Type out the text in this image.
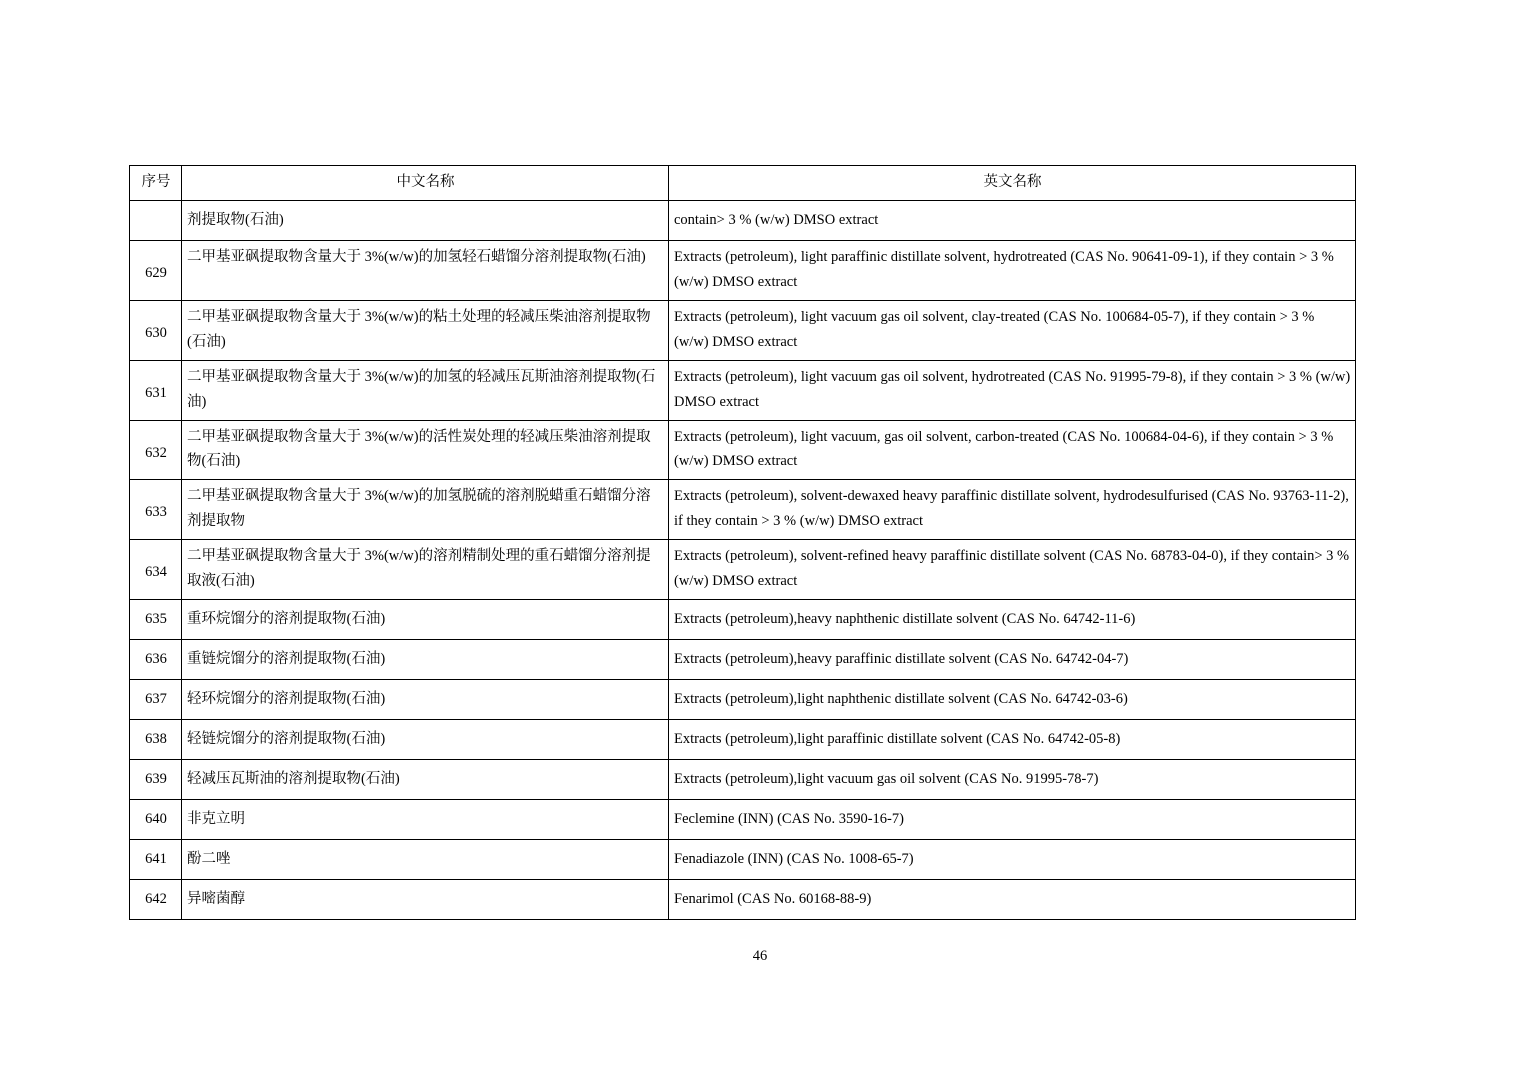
序号	中文名称	英文名称
	剂提取物(石油)	contain> 3 % (w/w) DMSO extract
629	二甲基亚砜提取物含量大于 3%(w/w)的加氢轻石蜡馏分溶剂提取物(石油)	Extracts (petroleum), light paraffinic distillate solvent, hydrotreated (CAS No. 90641-09-1), if they contain > 3 % (w/w) DMSO extract
630	二甲基亚砜提取物含量大于 3%(w/w)的粘土处理的轻减压柴油溶剂提取物(石油)	Extracts (petroleum), light vacuum gas oil solvent, clay-treated (CAS No. 100684-05-7), if they contain > 3 % (w/w) DMSO extract
631	二甲基亚砜提取物含量大于 3%(w/w)的加氢的轻减压瓦斯油溶剂提取物(石油)	Extracts (petroleum), light vacuum gas oil solvent, hydrotreated (CAS No. 91995-79-8), if they contain > 3 % (w/w) DMSO extract
632	二甲基亚砜提取物含量大于 3%(w/w)的活性炭处理的轻减压柴油溶剂提取物(石油)	Extracts (petroleum), light vacuum, gas oil solvent, carbon-treated (CAS No. 100684-04-6), if they contain > 3 % (w/w) DMSO extract
633	二甲基亚砜提取物含量大于 3%(w/w)的加氢脱硫的溶剂脱蜡重石蜡馏分溶剂提取物	Extracts (petroleum), solvent-dewaxed heavy paraffinic distillate solvent, hydrodesulfurised (CAS No. 93763-11-2), if they contain > 3 % (w/w) DMSO extract
634	二甲基亚砜提取物含量大于 3%(w/w)的溶剂精制处理的重石蜡馏分溶剂提取液(石油)	Extracts (petroleum), solvent-refined heavy paraffinic distillate solvent (CAS No. 68783-04-0), if they contain> 3 % (w/w) DMSO extract
635	重环烷馏分的溶剂提取物(石油)	Extracts (petroleum),heavy naphthenic distillate solvent (CAS No. 64742-11-6)
636	重链烷馏分的溶剂提取物(石油)	Extracts (petroleum),heavy paraffinic distillate solvent (CAS No. 64742-04-7)
637	轻环烷馏分的溶剂提取物(石油)	Extracts (petroleum),light naphthenic distillate solvent (CAS No. 64742-03-6)
638	轻链烷馏分的溶剂提取物(石油)	Extracts (petroleum),light paraffinic distillate solvent (CAS No. 64742-05-8)
639	轻减压瓦斯油的溶剂提取物(石油)	Extracts (petroleum),light vacuum gas oil solvent (CAS No. 91995-78-7)
640	非克立明	Feclemine (INN) (CAS No. 3590-16-7)
641	酚二唑	Fenadiazole (INN) (CAS No. 1008-65-7)
642	异嘧菌醇	Fenarimol (CAS No. 60168-88-9)
46
